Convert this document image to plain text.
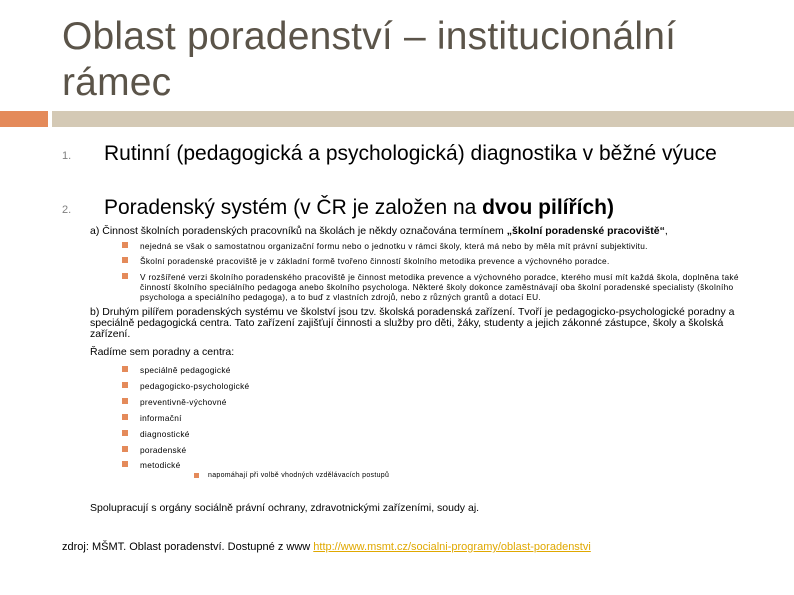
Oblast poradenství – institucionální rámec
1. Rutinní (pedagogická a psychologická) diagnostika v běžné výuce
2. Poradenský systém (v ČR je založen na dvou pilířích)
a) Činnost školních poradenských pracovníků na školách je někdy označována termínem „školní poradenské pracoviště“,
nejedná se však o samostatnou organizační formu nebo o jednotku v rámci školy, která má nebo by měla mít právní subjektivitu.
Školní poradenské pracoviště je v základní formě tvořeno činností školního metodika prevence a výchovného poradce.
V rozšířené verzi školního poradenského pracoviště je činnost metodika prevence a výchovného poradce, kterého musí mít každá škola, doplněna také činností školního speciálního pedagoga anebo školního psychologa. Některé školy dokonce zaměstnávají oba školní poradenské specialisty (školního psychologa a speciálního pedagoga), a to buď z vlastních zdrojů, nebo z různých grantů a dotací EU.
b) Druhým pilířem poradenských systému ve školství jsou tzv. školská poradenská zařízení. Tvoří je pedagogicko-psychologické poradny a speciálně pedagogická centra. Tato zařízení zajišťují činnosti a služby pro děti, žáky, studenty a jejich zákonné zástupce, školy a školská zařízení.
Řadíme sem poradny a centra:
speciálně pedagogické
pedagogicko-psychologické
preventivně-výchovné
informační
diagnostické
poradenské
metodické
napomáhají při volbě vhodných vzdělávacích postupů
Spolupracují s orgány sociálně právní ochrany, zdravotnickými zařízeními, soudy aj.
zdroj: MŠMT. Oblast poradenství. Dostupné z www http://www.msmt.cz/socialni-programy/oblast-poradenstvi
